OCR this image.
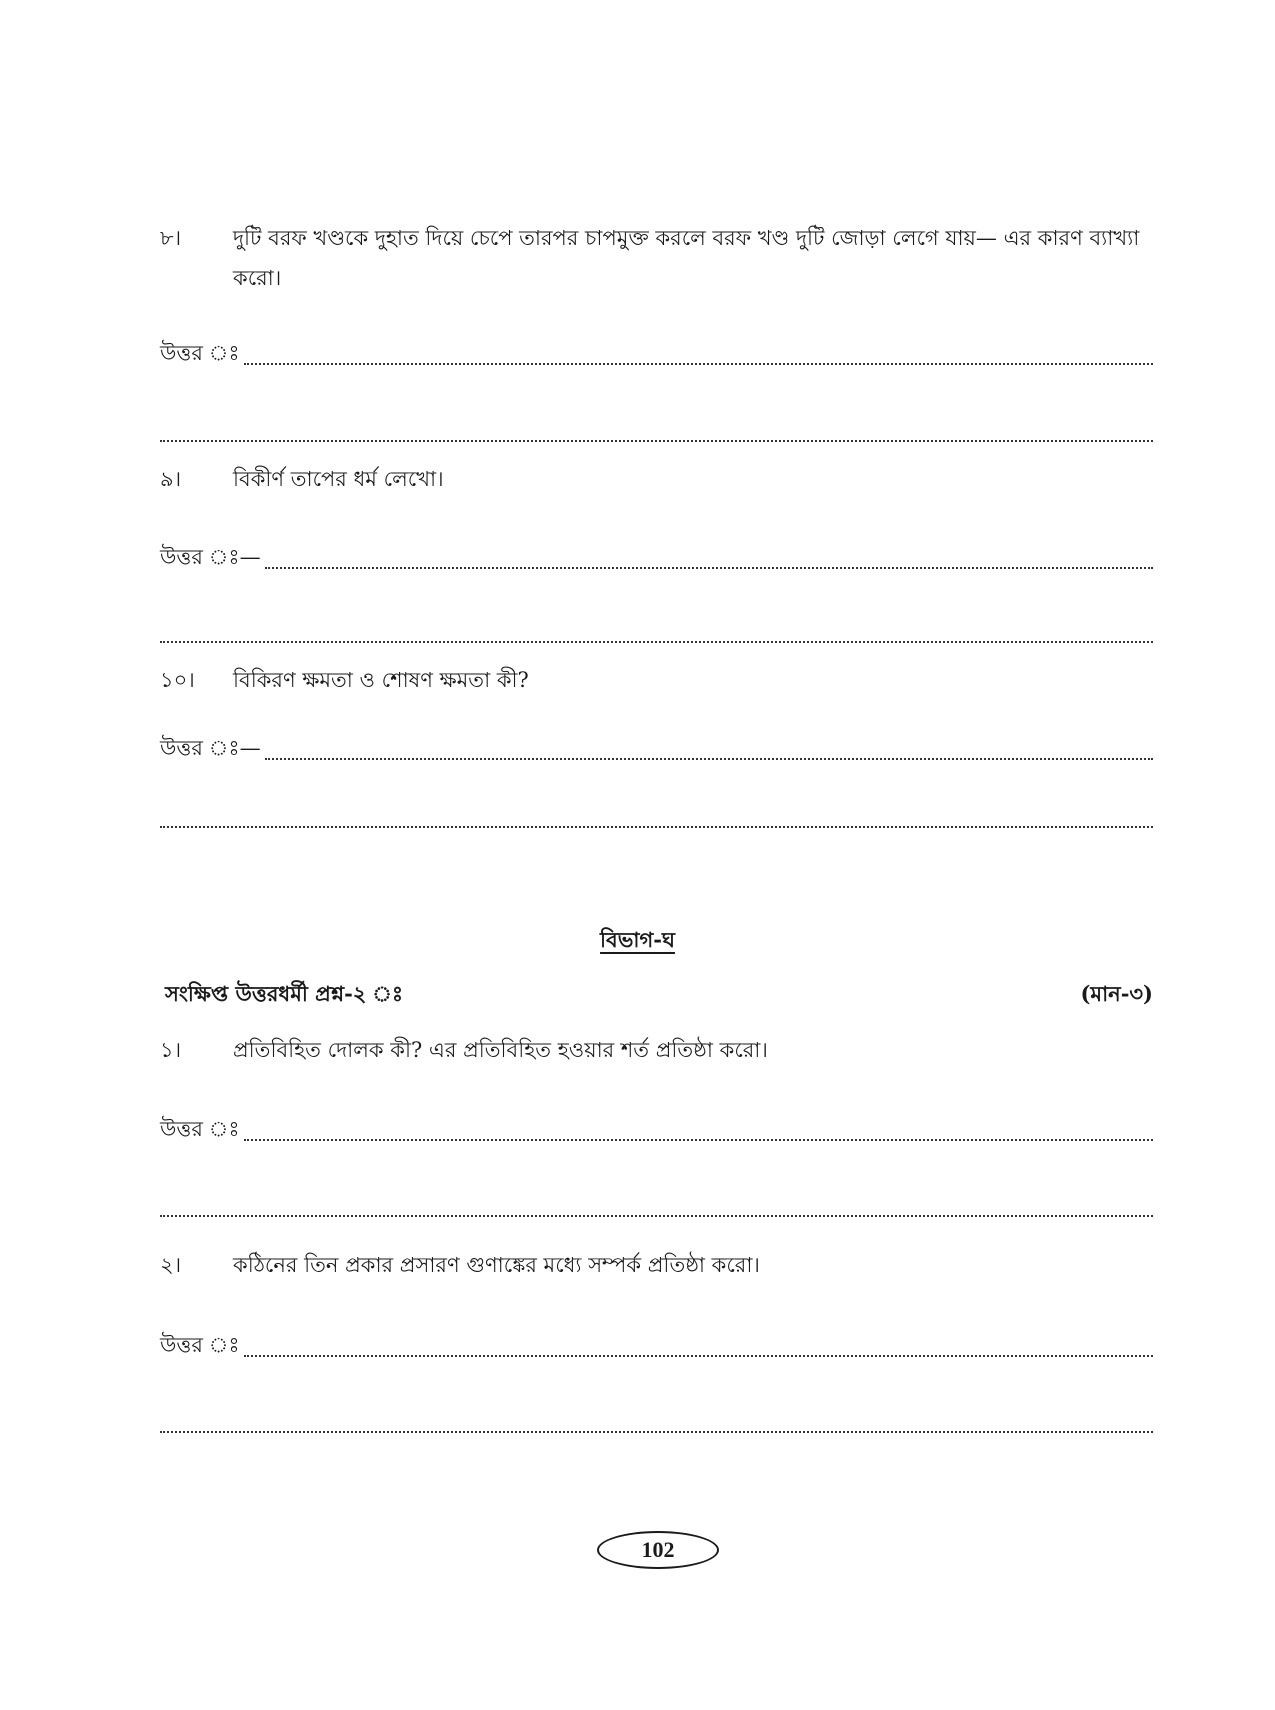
৮।	দুটি বরফ খণ্ডকে দুহাত দিয়ে চেপে তারপর চাপমুক্ত করলে বরফ খণ্ড দুটি জোড়া লেগে যায়— এর কারণ ব্যাখ্যা করো।
উত্তর ঃ
৯।	বিকীর্ণ তাপের ধর্ম লেখো।
উত্তর ঃ—
১০।	বিকিরণ ক্ষমতা ও শোষণ ক্ষমতা কী?
উত্তর ঃ—
বিভাগ-ঘ
সংক্ষিপ্ত উত্তরধর্মী প্রশ্ন-২ ঃ	(মান-৩)
১।	প্রতিবিহিত দোলক কী? এর প্রতিবিহিত হওয়ার শর্ত প্রতিষ্ঠা করো।
উত্তর ঃ
২।	কঠিনের তিন প্রকার প্রসারণ গুণাঙ্কের মধ্যে সম্পর্ক প্রতিষ্ঠা করো।
উত্তর ঃ
102
